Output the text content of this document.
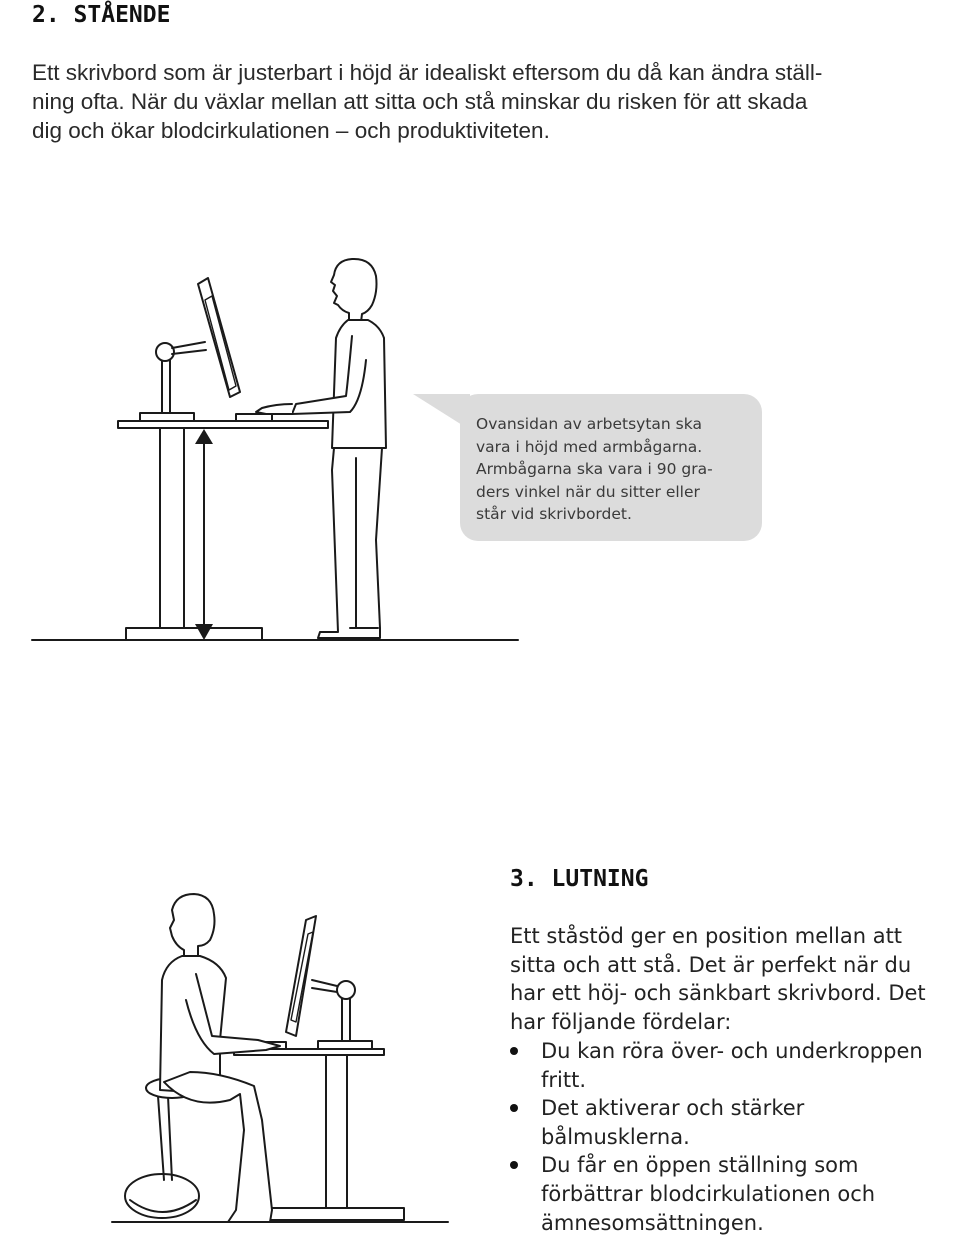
2. STÅENDE

Ett skrivbord som är justerbart i höjd är idealiskt eftersom du då kan ändra ställ-
ning ofta. När du växlar mellan att sitta och stå minskar du risken för att skada
dig och ökar blodcirkulationen – och produktiviteten.

Ovansidan av arbetsytan ska
vara i höjd med armbågarna.
Armbågarna ska vara i 90 gra-
ders vinkel när du sitter eller
står vid skrivbordet.

3. LUTNING

Ett ståstöd ger en position mellan att
sitta och att stå. Det är perfekt när du
har ett höj- och sänkbart skrivbord. Det
har följande fördelar:

Du kan röra över- och underkroppen
fritt.
Det aktiverar och stärker
bålmusklerna.
Du får en öppen ställning som
förbättrar blodcirkulationen och
ämnesomsättningen.
